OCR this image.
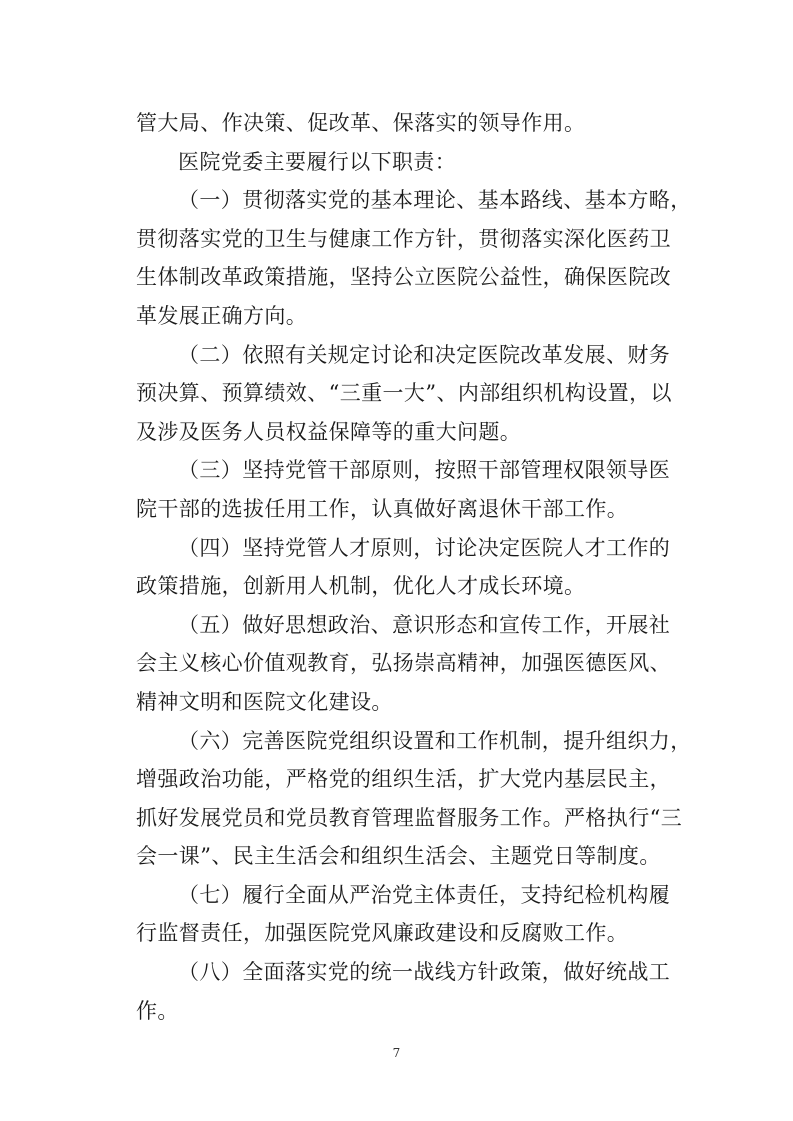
管大局、作决策、促改革、保落实的领导作用。

医院党委主要履行以下职责：

（一）贯彻落实党的基本理论、基本路线、基本方略，
贯彻落实党的卫生与健康工作方针，贯彻落实深化医药卫
生体制改革政策措施，坚持公立医院公益性，确保医院改
革发展正确方向。

（二）依照有关规定讨论和决定医院改革发展、财务
预决算、预算绩效、“三重一大”、内部组织机构设置，以
及涉及医务人员权益保障等的重大问题。

（三）坚持党管干部原则，按照干部管理权限领导医
院干部的选拔任用工作，认真做好离退休干部工作。

（四）坚持党管人才原则，讨论决定医院人才工作的
政策措施，创新用人机制，优化人才成长环境。

（五）做好思想政治、意识形态和宣传工作，开展社
会主义核心价值观教育，弘扬崇高精神，加强医德医风、
精神文明和医院文化建设。

（六）完善医院党组织设置和工作机制，提升组织力，
增强政治功能，严格党的组织生活，扩大党内基层民主，
抓好发展党员和党员教育管理监督服务工作。严格执行“三
会一课”、民主生活会和组织生活会、主题党日等制度。

（七）履行全面从严治党主体责任，支持纪检机构履
行监督责任，加强医院党风廉政建设和反腐败工作。

（八）全面落实党的统一战线方针政策，做好统战工
作。

7
